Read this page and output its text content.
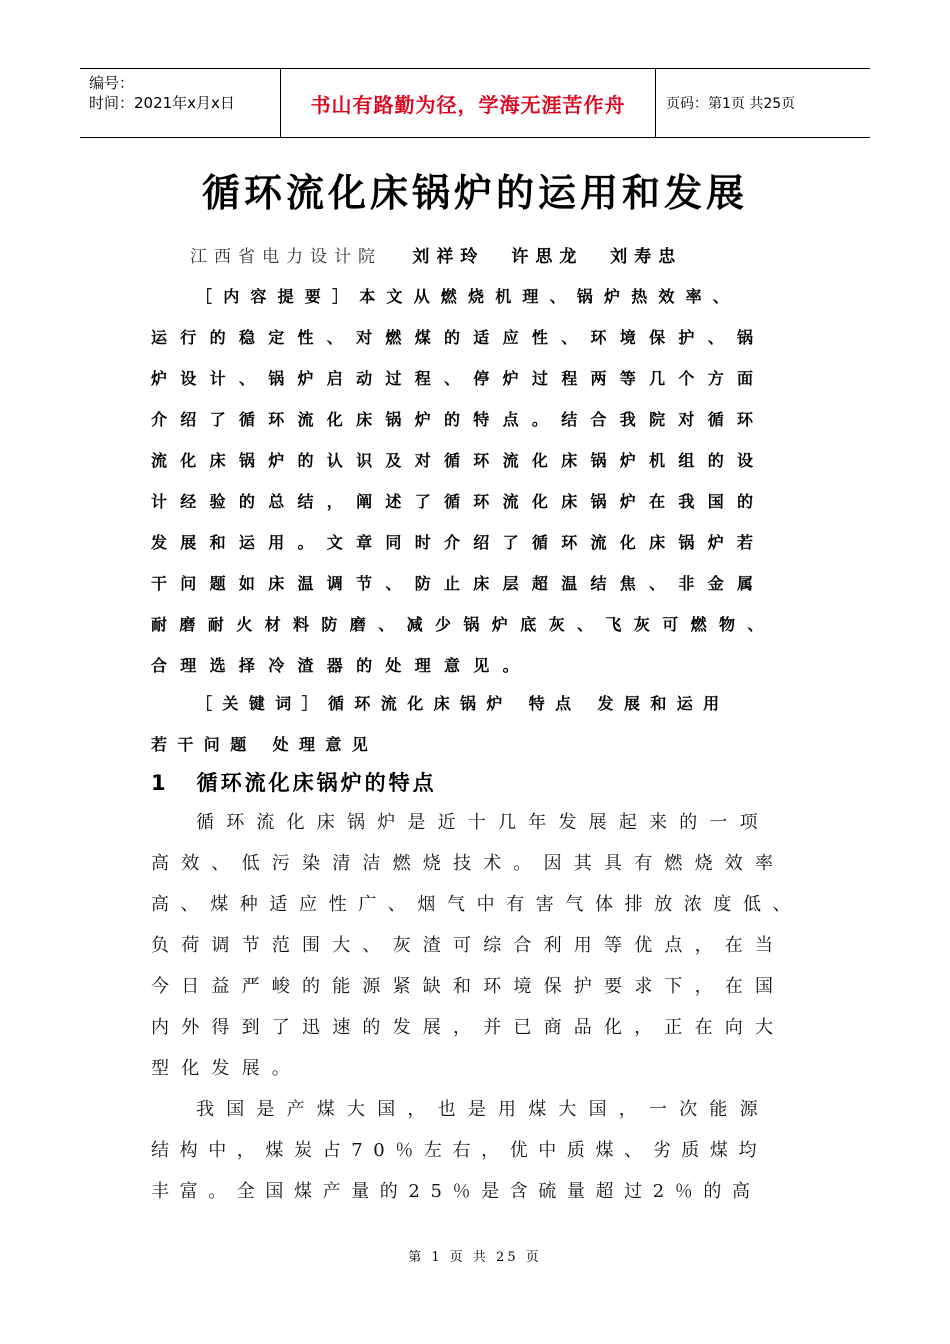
编号：
时间：2021年x月x日	书山有路勤为径，学海无涯苦作舟	页码：第1页 共25页
循环流化床锅炉的运用和发展
江西省电力设计院 刘祥玲 许思龙 刘寿忠
［内容提要］本文从燃烧机理、锅炉热效率、
运行的稳定性、对燃煤的适应性、环境保护、锅
炉设计、锅炉启动过程、停炉过程两等几个方面
介绍了循环流化床锅炉的特点。结合我院对循环
流化床锅炉的认识及对循环流化床锅炉机组的设
计经验的总结，阐述了循环流化床锅炉在我国的
发展和运用。文章同时介绍了循环流化床锅炉若
干问题如床温调节、防止床层超温结焦、非金属
耐磨耐火材料防磨、减少锅炉底灰、飞灰可燃物、
合理选择冷渣器的处理意见。
［关键词］循环流化床锅炉 特点 发展和运用
若干问题 处理意见
1 循环流化床锅炉的特点
循环流化床锅炉是近十几年发展起来的一项
高效、低污染清洁燃烧技术。因其具有燃烧效率
高、煤种适应性广、烟气中有害气体排放浓度低、
负荷调节范围大、灰渣可综合利用等优点，在当
今日益严峻的能源紧缺和环境保护要求下，在国
内外得到了迅速的发展，并已商品化，正在向大
型化发展。
我国是产煤大国，也是用煤大国，一次能源
结构中，煤炭占70％左右，优中质煤、劣质煤均
丰富。全国煤产量的25％是含硫量超过2％的高
第 1 页 共 25 页
